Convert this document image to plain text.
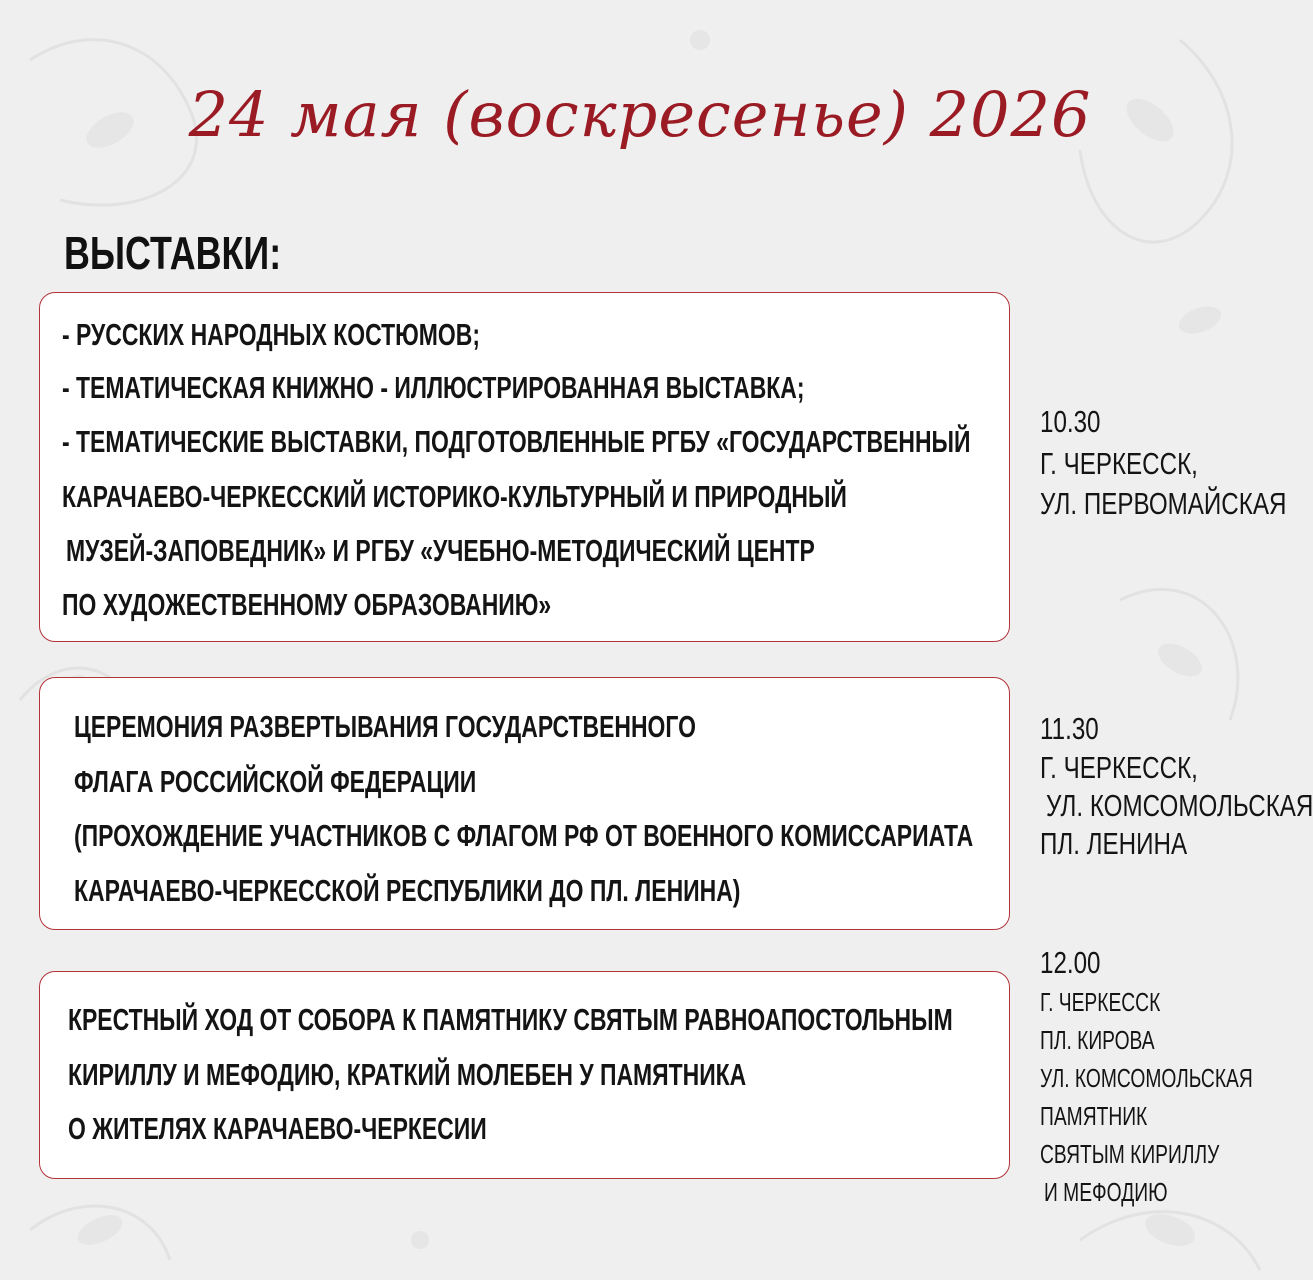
24 мая (воскресенье) 2026
ВЫСТАВКИ:
- РУССКИХ НАРОДНЫХ КОСТЮМОВ;
- ТЕМАТИЧЕСКАЯ КНИЖНО - ИЛЛЮСТРИРОВАННАЯ ВЫСТАВКА;
- ТЕМАТИЧЕСКИЕ ВЫСТАВКИ, ПОДГОТОВЛЕННЫЕ РГБУ «ГОСУДАРСТВЕННЫЙ
КАРАЧАЕВО-ЧЕРКЕССКИЙ ИСТОРИКО-КУЛЬТУРНЫЙ И ПРИРОДНЫЙ
МУЗЕЙ-ЗАПОВЕДНИК» И РГБУ «УЧЕБНО-МЕТОДИЧЕСКИЙ ЦЕНТР
ПО ХУДОЖЕСТВЕННОМУ ОБРАЗОВАНИЮ»
10.30
Г. ЧЕРКЕССК,
УЛ. ПЕРВОМАЙСКАЯ
ЦЕРЕМОНИЯ РАЗВЕРТЫВАНИЯ ГОСУДАРСТВЕННОГО
ФЛАГА РОССИЙСКОЙ ФЕДЕРАЦИИ
(ПРОХОЖДЕНИЕ УЧАСТНИКОВ С ФЛАГОМ РФ ОТ ВОЕННОГО КОМИССАРИАТА
КАРАЧАЕВО-ЧЕРКЕССКОЙ РЕСПУБЛИКИ ДО ПЛ. ЛЕНИНА)
11.30
Г. ЧЕРКЕССК,
УЛ. КОМСОМОЛЬСКАЯ
ПЛ. ЛЕНИНА
КРЕСТНЫЙ ХОД ОТ СОБОРА К ПАМЯТНИКУ СВЯТЫМ РАВНОАПОСТОЛЬНЫМ
КИРИЛЛУ И МЕФОДИЮ, КРАТКИЙ МОЛЕБЕН У ПАМЯТНИКА
О ЖИТЕЛЯХ КАРАЧАЕВО-ЧЕРКЕСИИ
12.00
Г. ЧЕРКЕССК
ПЛ. КИРОВА
УЛ. КОМСОМОЛЬСКАЯ
ПАМЯТНИК
СВЯТЫМ КИРИЛЛУ
И МЕФОДИЮ
